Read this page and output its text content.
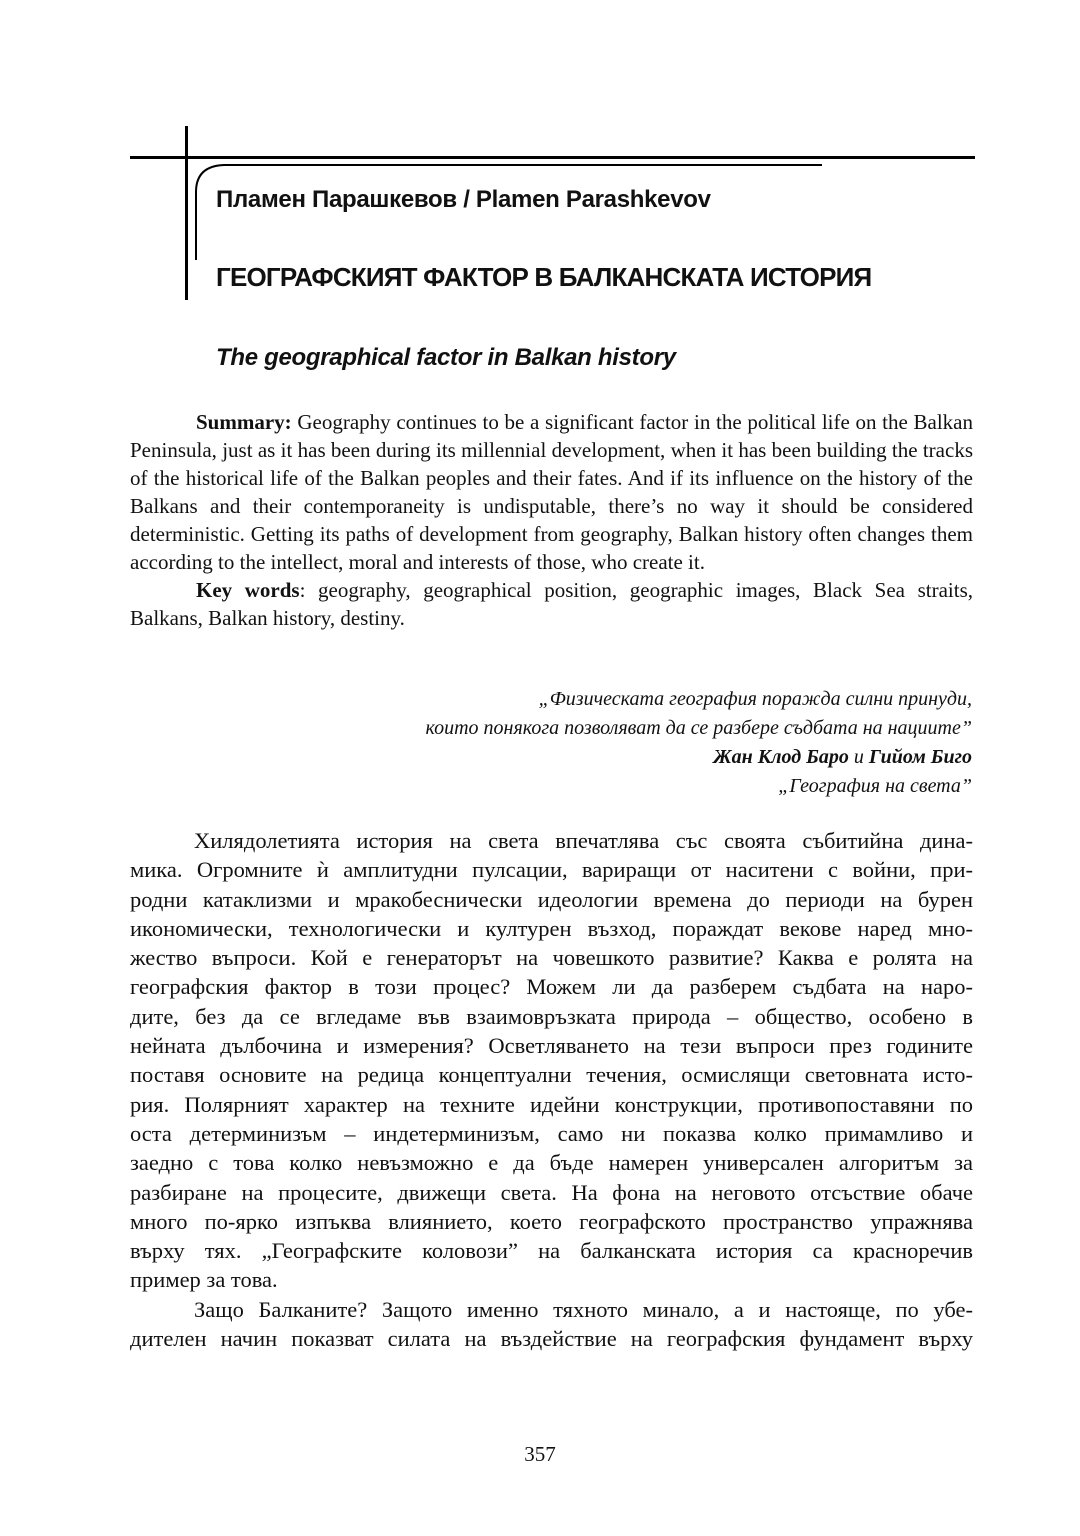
Пламен Парашкевов / Plamen Parashkevov
ГЕОГРАФСКИЯТ ФАКТОР В БАЛКАНСКАТА ИСТОРИЯ
The geographical factor in Balkan history

Summary: Geography continues to be a significant factor in the political life on the Balkan Peninsula, just as it has been during its millennial development, when it has been building the tracks of the historical life of the Balkan peoples and their fates. And if its influence on the history of the Balkans and their contemporaneity is undisputable, there’s no way it should be considered deterministic. Getting its paths of development from geography, Balkan history often changes them according to the intellect, moral and interests of those, who create it.

Key words: geography, geographical position, geographic images, Black Sea straits, Balkans, Balkan history, destiny.

„Физическата география поражда силни принуди,
които понякога позволяват да се разбере съдбата на нациите”
Жан Клод Баро и Гийом Биго
„География на света”
Хилядолетията история на света впечатлява със своята събитийна дина-
мика. Огромните ѝ амплитудни пулсации, вариращи от наситени с войни, при-
родни катаклизми и мракобеснически идеологии времена до периоди на бурен
икономически, технологически и културен възход, пораждат векове наред мно-
жество въпроси. Кой е генераторът на човешкото развитие? Каква е ролята на
географския фактор в този процес? Можем ли да разберем съдбата на наро-
дите, без да се вгледаме във взаимовръзката природа – общество, особено в
нейната дълбочина и измерения? Осветляването на тези въпроси през годините
поставя основите на редица концептуални течения, осмислящи световната исто-
рия. Полярният характер на техните идейни конструкции, противопоставяни по
оста детерминизъм – индетерминизъм, само ни показва колко примамливо и
заедно с това колко невъзможно е да бъде намерен универсален алгоритъм за
разбиране на процесите, движещи света. На фона на неговото отсъствие обаче
много по-ярко изпъква влиянието, което географското пространство упражнява
върху тях. „Географските коловози” на балканската история са красноречив
пример за това.
Защо Балканите? Защото именно тяхното минало, а и настояще, по убе-
дителен начин показват силата на въздействие на географския фундамент върху
357
